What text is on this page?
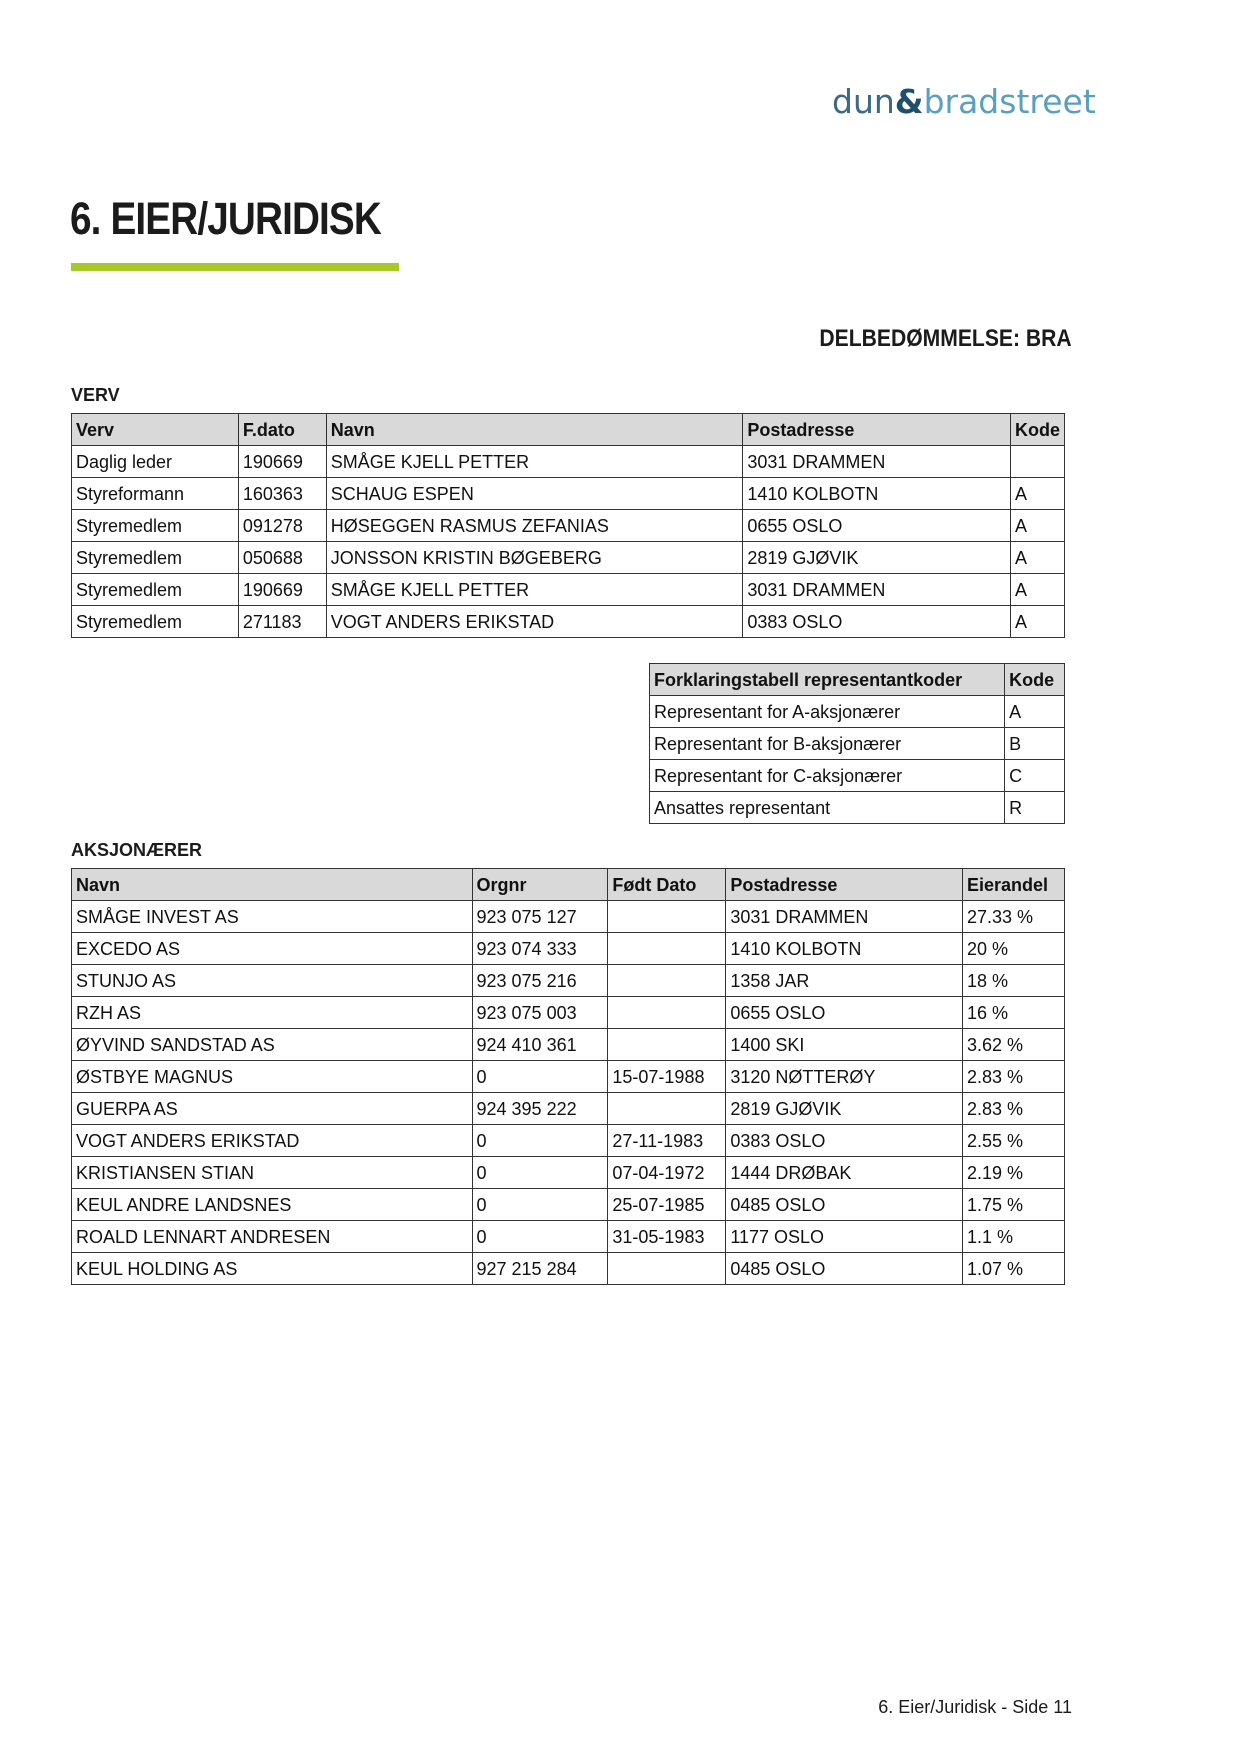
dun&bradstreet
6. EIER/JURIDISK
DELBEDØMMELSE: BRA
VERV
Verv	F.dato	Navn	Postadresse	Kode
Daglig leder	190669	SMÅGE KJELL PETTER	3031 DRAMMEN	
Styreformann	160363	SCHAUG ESPEN	1410 KOLBOTN	A
Styremedlem	091278	HØSEGGEN RASMUS ZEFANIAS	0655 OSLO	A
Styremedlem	050688	JONSSON KRISTIN BØGEBERG	2819 GJØVIK	A
Styremedlem	190669	SMÅGE KJELL PETTER	3031 DRAMMEN	A
Styremedlem	271183	VOGT ANDERS ERIKSTAD	0383 OSLO	A
Forklaringstabell representantkoder	Kode
Representant for A-aksjonærer	A
Representant for B-aksjonærer	B
Representant for C-aksjonærer	C
Ansattes representant	R
AKSJONÆRER
Navn	Orgnr	Født Dato	Postadresse	Eierandel
SMÅGE INVEST AS	923 075 127		3031 DRAMMEN	27.33 %
EXCEDO AS	923 074 333		1410 KOLBOTN	20 %
STUNJO AS	923 075 216		1358 JAR	18 %
RZH AS	923 075 003		0655 OSLO	16 %
ØYVIND SANDSTAD AS	924 410 361		1400 SKI	3.62 %
ØSTBYE MAGNUS	0	15-07-1988	3120 NØTTERØY	2.83 %
GUERPA AS	924 395 222		2819 GJØVIK	2.83 %
VOGT ANDERS ERIKSTAD	0	27-11-1983	0383 OSLO	2.55 %
KRISTIANSEN STIAN	0	07-04-1972	1444 DRØBAK	2.19 %
KEUL ANDRE LANDSNES	0	25-07-1985	0485 OSLO	1.75 %
ROALD LENNART ANDRESEN	0	31-05-1983	1177 OSLO	1.1 %
KEUL HOLDING AS	927 215 284		0485 OSLO	1.07 %
6. Eier/Juridisk - Side 11
